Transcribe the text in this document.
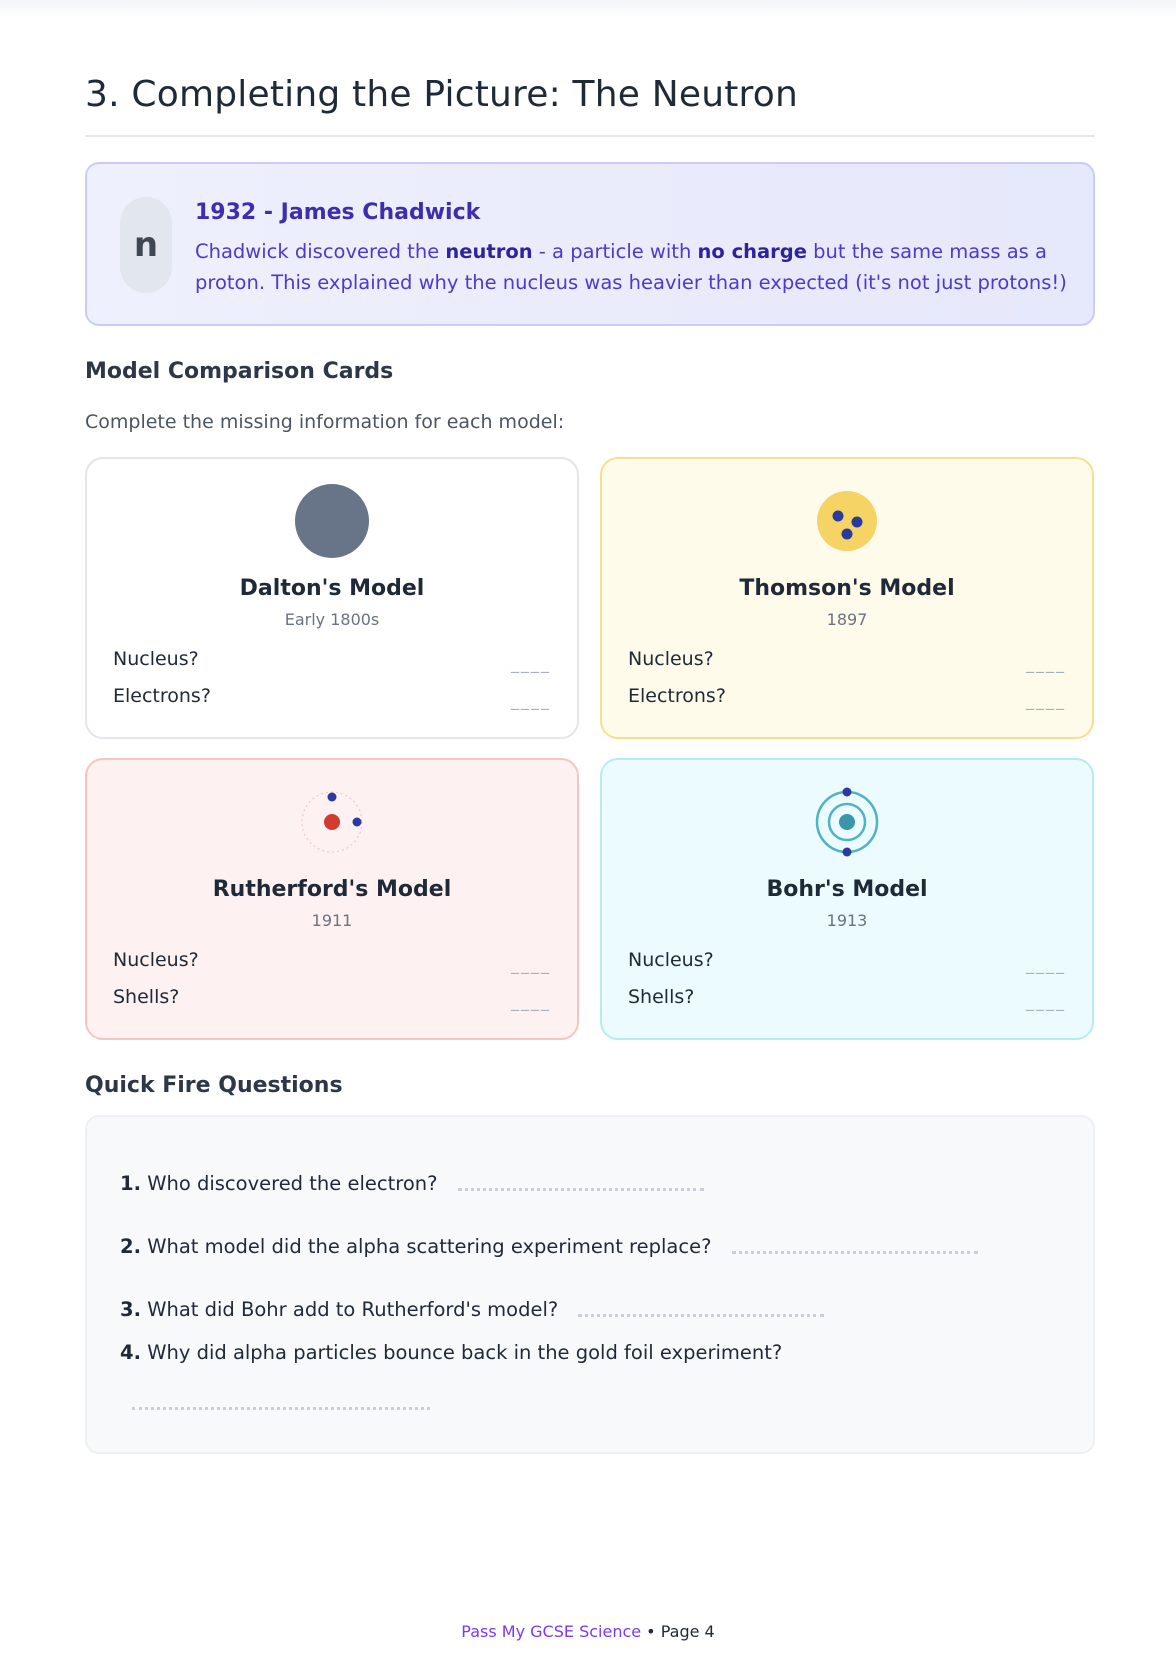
3. Completing the Picture: The Neutron
n
1932 - James Chadwick
Chadwick discovered the neutron - a particle with no charge but the same mass as a proton. This explained why the nucleus was heavier than expected (it's not just protons!)
Model Comparison Cards
Complete the missing information for each model:
Dalton's Model
Early 1800s
Nucleus?	____
Electrons?	____
Thomson's Model
1897
Nucleus?	____
Electrons?	____
Rutherford's Model
1911
Nucleus?	____
Shells?	____
Bohr's Model
1913
Nucleus?	____
Shells?	____
Quick Fire Questions
1. Who discovered the electron?
2. What model did the alpha scattering experiment replace?
3. What did Bohr add to Rutherford's model?
4. Why did alpha particles bounce back in the gold foil experiment?
Pass My GCSE Science • Page 4
